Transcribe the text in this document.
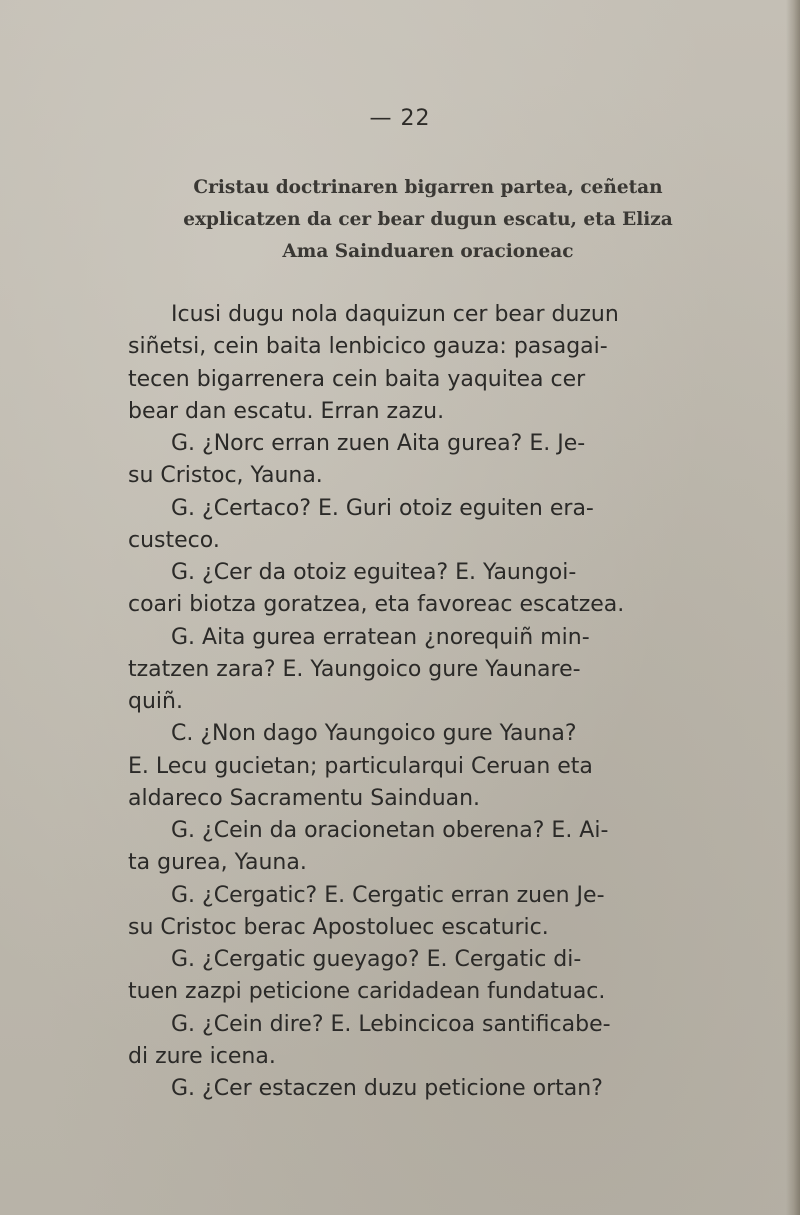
— 22
Cristau doctrinaren bigarren partea, ceñetan
explicatzen da cer bear dugun escatu, eta Eliza
Ama Sainduaren oracioneac
Icusi dugu nola daquizun cer bear duzun
siñetsi, cein baita lenbicico gauza: pasagai-
tecen bigarrenera cein baita yaquitea cer
bear dan escatu. Erran zazu.
G. ¿Norc erran zuen Aita gurea? E. Je-
su Cristoc, Yauna.
G. ¿Certaco? E. Guri otoiz eguiten era-
custeco.
G. ¿Cer da otoiz eguitea? E. Yaungoi-
coari biotza goratzea, eta favoreac escatzea.
G. Aita gurea erratean ¿norequiñ min-
tzatzen zara? E. Yaungoico gure Yaunare-
quiñ.
C. ¿Non dago Yaungoico gure Yauna?
E. Lecu gucietan; particularqui Ceruan eta
aldareco Sacramentu Sainduan.
G. ¿Cein da oracionetan oberena? E. Ai-
ta gurea, Yauna.
G. ¿Cergatic? E. Cergatic erran zuen Je-
su Cristoc berac Apostoluec escaturic.
G. ¿Cergatic gueyago? E. Cergatic di-
tuen zazpi peticione caridadean fundatuac.
G. ¿Cein dire? E. Lebincicoa santificabe-
di zure icena.
G. ¿Cer estaczen duzu peticione ortan?
